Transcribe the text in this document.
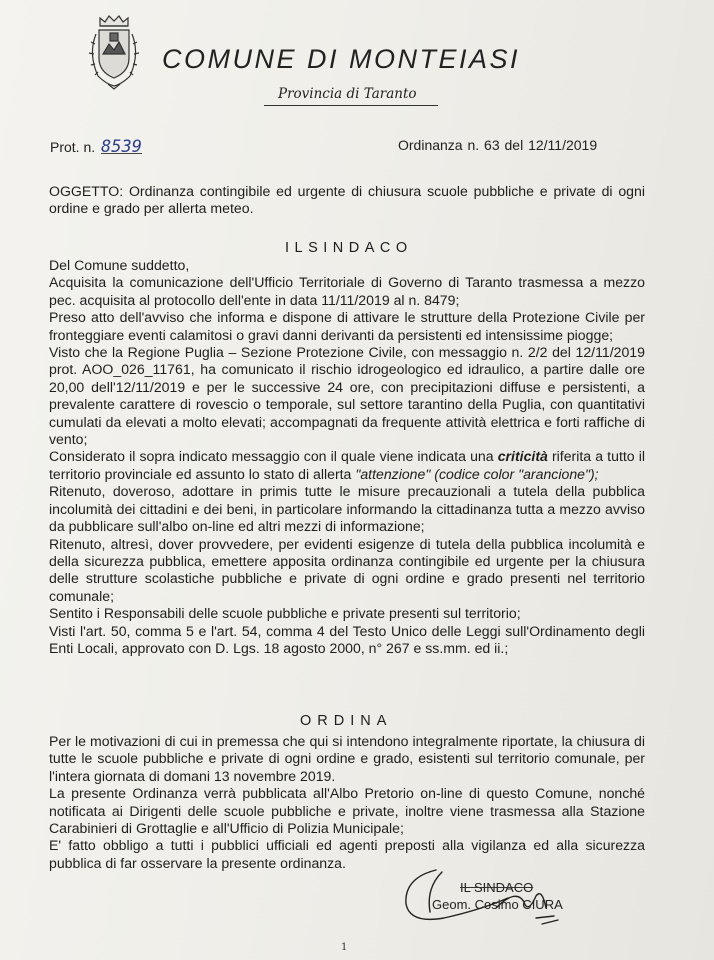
COMUNE DI MONTEIASI
Provincia di Taranto
Prot. n. 8539	Ordinanza n. 63 del 12/11/2019

OGGETTO: Ordinanza contingibile ed urgente di chiusura scuole pubbliche e private di ogni ordine e grado per allerta meteo.

ILSINDACO

Del Comune suddetto,

Acquisita la comunicazione dell'Ufficio Territoriale di Governo di Taranto trasmessa a mezzo pec. acquisita al protocollo dell'ente in data 11/11/2019 al n. 8479;

Preso atto dell'avviso che informa e dispone di attivare le strutture della Protezione Civile per fronteggiare eventi calamitosi o gravi danni derivanti da persistenti ed intensissime piogge;

Visto che la Regione Puglia – Sezione Protezione Civile, con messaggio n. 2/2 del 12/11/2019 prot. AOO_026_11761, ha comunicato il rischio idrogeologico ed idraulico, a partire dalle ore 20,00 dell'12/11/2019 e per le successive 24 ore, con precipitazioni diffuse e persistenti, a prevalente carattere di rovescio o temporale, sul settore tarantino della Puglia, con quantitativi cumulati da elevati a molto elevati; accompagnati da frequente attività elettrica e forti raffiche di vento;

Considerato il sopra indicato messaggio con il quale viene indicata una criticità riferita a tutto il territorio provinciale ed assunto lo stato di allerta "attenzione" (codice color "arancione");

Ritenuto, doveroso, adottare in primis tutte le misure precauzionali a tutela della pubblica incolumità dei cittadini e dei beni, in particolare informando la cittadinanza tutta a mezzo avviso da pubblicare sull'albo on-line ed altri mezzi di informazione;

Ritenuto, altresì, dover provvedere, per evidenti esigenze di tutela della pubblica incolumità e della sicurezza pubblica, emettere apposita ordinanza contingibile ed urgente per la chiusura delle strutture scolastiche pubbliche e private di ogni ordine e grado presenti nel territorio comunale;

Sentito i Responsabili delle scuole pubbliche e private presenti sul territorio;

Visti l'art. 50, comma 5 e l'art. 54, comma 4 del Testo Unico delle Leggi sull'Ordinamento degli Enti Locali, approvato con D. Lgs. 18 agosto 2000, n° 267 e ss.mm. ed ii.;

ORDINA

Per le motivazioni di cui in premessa che qui si intendono integralmente riportate, la chiusura di tutte le scuole pubbliche e private di ogni ordine e grado, esistenti sul territorio comunale, per l'intera giornata di domani 13 novembre 2019.

La presente Ordinanza verrà pubblicata all'Albo Pretorio on-line di questo Comune, nonché notificata ai Dirigenti delle scuole pubbliche e private, inoltre viene trasmessa alla Stazione Carabinieri di Grottaglie e all'Ufficio di Polizia Municipale;

E' fatto obbligo a tutti i pubblici ufficiali ed agenti preposti alla vigilanza ed alla sicurezza pubblica di far osservare la presente ordinanza.

IL SINDACO
Geom. Cosimo CIURA
1
